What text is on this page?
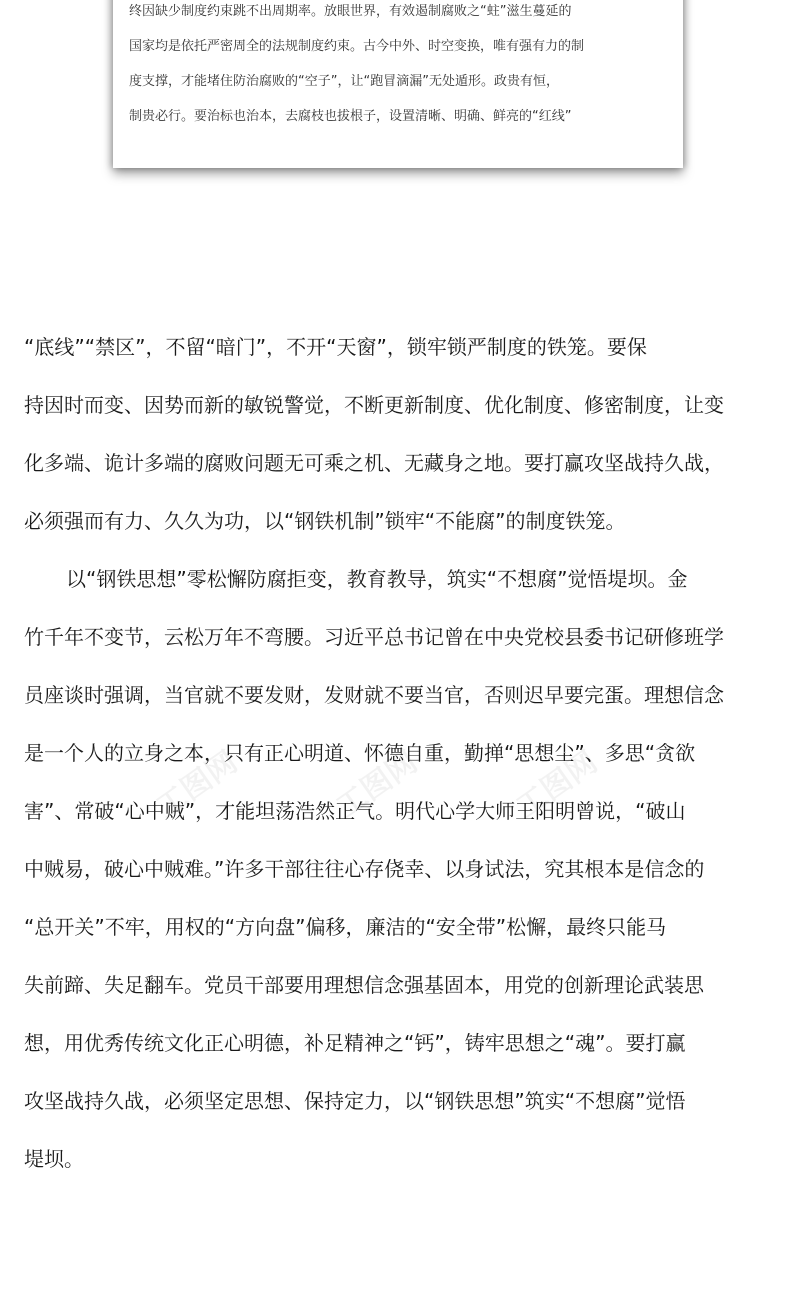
终因缺少制度约束跳不出周期率。放眼世界，有效遏制腐败之“蛀”滋生蔓延的
国家均是依托严密周全的法规制度约束。古今中外、时空变换，唯有强有力的制
度支撑，才能堵住防治腐败的“空子”，让“跑冒滴漏”无处遁形。政贵有恒，
制贵必行。要治标也治本，去腐枝也拔根子，设置清晰、明确、鲜亮的“红线”
工图网	工图网	工图网
“底线”“禁区”，不留“暗门”，不开“天窗”，锁牢锁严制度的铁笼。要保
持因时而变、因势而新的敏锐警觉，不断更新制度、优化制度、修密制度，让变
化多端、诡计多端的腐败问题无可乘之机、无藏身之地。要打赢攻坚战持久战，
必须强而有力、久久为功，以“钢铁机制”锁牢“不能腐”的制度铁笼。
以“钢铁思想”零松懈防腐拒变，教育教导，筑实“不想腐”觉悟堤坝。金
竹千年不变节，云松万年不弯腰。习近平总书记曾在中央党校县委书记研修班学
员座谈时强调，当官就不要发财，发财就不要当官，否则迟早要完蛋。理想信念
是一个人的立身之本，只有正心明道、怀德自重，勤掸“思想尘”、多思“贪欲
害”、常破“心中贼”，才能坦荡浩然正气。明代心学大师王阳明曾说，“破山
中贼易，破心中贼难。”许多干部往往心存侥幸、以身试法，究其根本是信念的
“总开关”不牢，用权的“方向盘”偏移，廉洁的“安全带”松懈，最终只能马
失前蹄、失足翻车。党员干部要用理想信念强基固本，用党的创新理论武装思
想，用优秀传统文化正心明德，补足精神之“钙”，铸牢思想之“魂”。要打赢
攻坚战持久战，必须坚定思想、保持定力，以“钢铁思想”筑实“不想腐”觉悟
堤坝。
